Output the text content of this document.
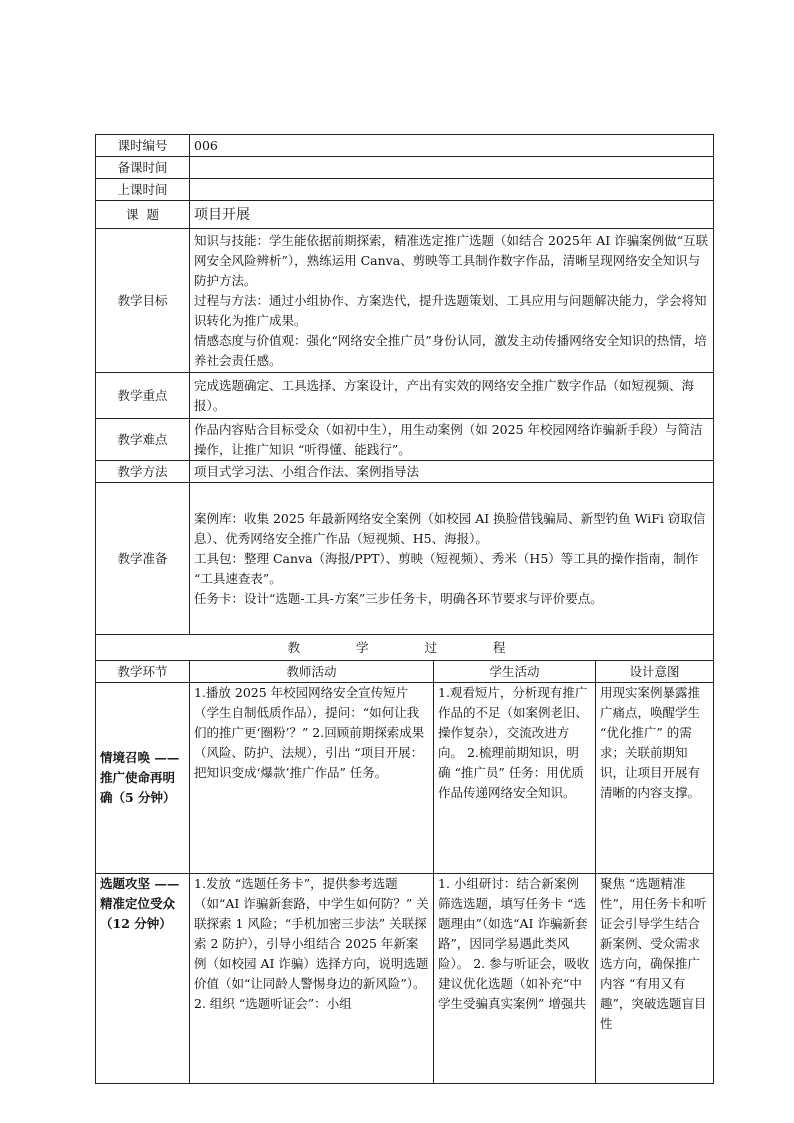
课时编号	006
备课时间	
上课时间	
课  题	项目开展
教学目标	知识与技能：学生能依据前期探索，精准选定推广选题（如结合 2025年 AI 诈骗案例做“互联网安全风险辨析”），熟练运用 Canva、剪映等工具制作数字作品，清晰呈现网络安全知识与防护方法。

过程与方法：通过小组协作、方案迭代，提升选题策划、工具应用与问题解决能力，学会将知识转化为推广成果。

情感态度与价值观：强化“网络安全推广员”身份认同，激发主动传播网络安全知识的热情，培养社会责任感。

教学重点	完成选题确定、工具选择、方案设计，产出有实效的网络安全推广数字作品（如短视频、海报）。
教学难点	作品内容贴合目标受众（如初中生），用生动案例（如 2025 年校园网络诈骗新手段）与简洁操作，让推广知识 “听得懂、能践行”。
教学方法	项目式学习法、小组合作法、案例指导法
教学准备	案例库：收集 2025 年最新网络安全案例（如校园 AI 换脸借钱骗局、新型钓鱼 WiFi 窃取信息）、优秀网络安全推广作品（短视频、H5、海报）。

工具包：整理 Canva（海报/PPT）、剪映（短视频）、秀米（H5）等工具的操作指南，制作 “工具速查表”。

任务卡：设计“选题-工具-方案”三步任务卡，明确各环节要求与评价要点。

教  学  过  程			
教学环节	教师活动	学生活动	设计意图
情境召唤 —— 推广使命再明确（5 分钟）	1.播放 2025 年校园网络安全宣传短片（学生自制低质作品），提问：“如何让我们的推广更‘圈粉’？” 2.回顾前期探索成果（风险、防护、法规），引出 “项目开展：把知识变成‘爆款’推广作品” 任务。	1.观看短片，分析现有推广作品的不足（如案例老旧、操作复杂），交流改进方向。 2.梳理前期知识，明确 “推广员” 任务：用优质作品传递网络安全知识。	用现实案例暴露推广痛点，唤醒学生 “优化推广” 的需求；关联前期知识，让项目开展有清晰的内容支撑。

选题攻坚 —— 精准定位受众（12 分钟）	1.发放 “选题任务卡”，提供参考选题（如“AI 诈骗新套路，中学生如何防？” 关联探索 1 风险；“手机加密三步法” 关联探索 2 防护），引导小组结合 2025 年新案例（如校园 AI 诈骗）选择方向，说明选题价值（如“让同龄人警惕身边的新风险”）。 2. 组织 “选题听证会”：小组	1. 小组研讨：结合新案例筛选选题，填写任务卡 “选题理由”（如选“AI 诈骗新套路”，因同学易遇此类风险）。 2. 参与听证会，吸收建议优化选题（如补充“中学生受骗真实案例” 增强共	聚焦 “选题精准性”，用任务卡和听证会引导学生结合新案例、受众需求选方向，确保推广内容 “有用又有趣”，突破选题盲目性
